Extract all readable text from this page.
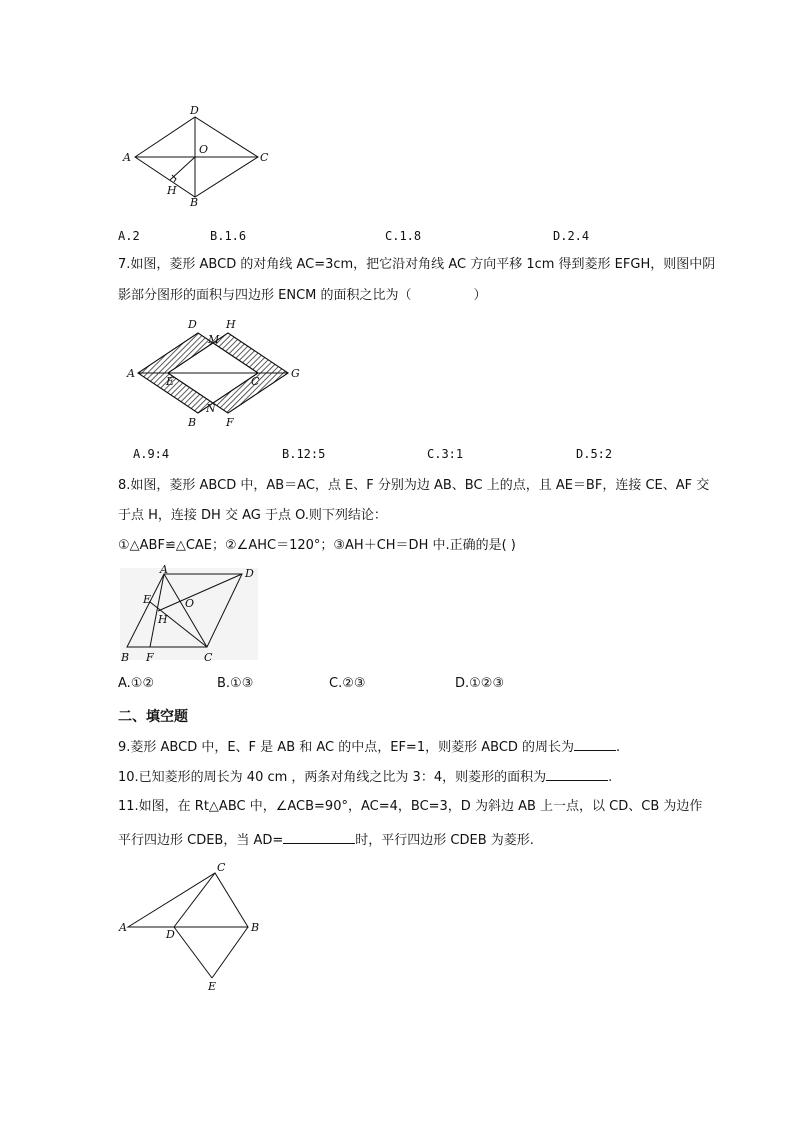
A
D
C
B
O
H
A.2	B.1.6	C.1.8	D.2.4
7.如图，菱形 ABCD 的对角线 AC=3cm，把它沿对角线 AC 方向平移 1cm 得到菱形 EFGH，则图中阴
影部分图形的面积与四边形 ENCM 的面积之比为（	）
A
D	H
M
E	C
G
N
B	F
A.9:4	B.12:5	C.3:1	D.5:2
8.如图，菱形 ABCD 中，AB＝AC，点 E、F 分别为边 AB、BC 上的点，且 AE＝BF，连接 CE、AF 交
于点 H，连接 DH 交 AG 于点 O.则下列结论：
①△ABF≌△CAE；②∠AHC＝120°；③AH＋CH＝DH 中.正确的是( )
A	D
E	O
H
B F	C
A.①②	B.①③	C.②③	D.①②③
二、填空题
9.菱形 ABCD 中，E、F 是 AB 和 AC 的中点，EF=1，则菱形 ABCD 的周长为	.
10.已知菱形的周长为 40 cm ，两条对角线之比为 3：4，则菱形的面积为	.
11.如图，在 Rt△ABC 中，∠ACB=90°，AC=4，BC=3，D 为斜边 AB 上一点，以 CD、CB 为边作
平行四边形 CDEB，当 AD=	时，平行四边形 CDEB 为菱形.
C
A
D
B
E
